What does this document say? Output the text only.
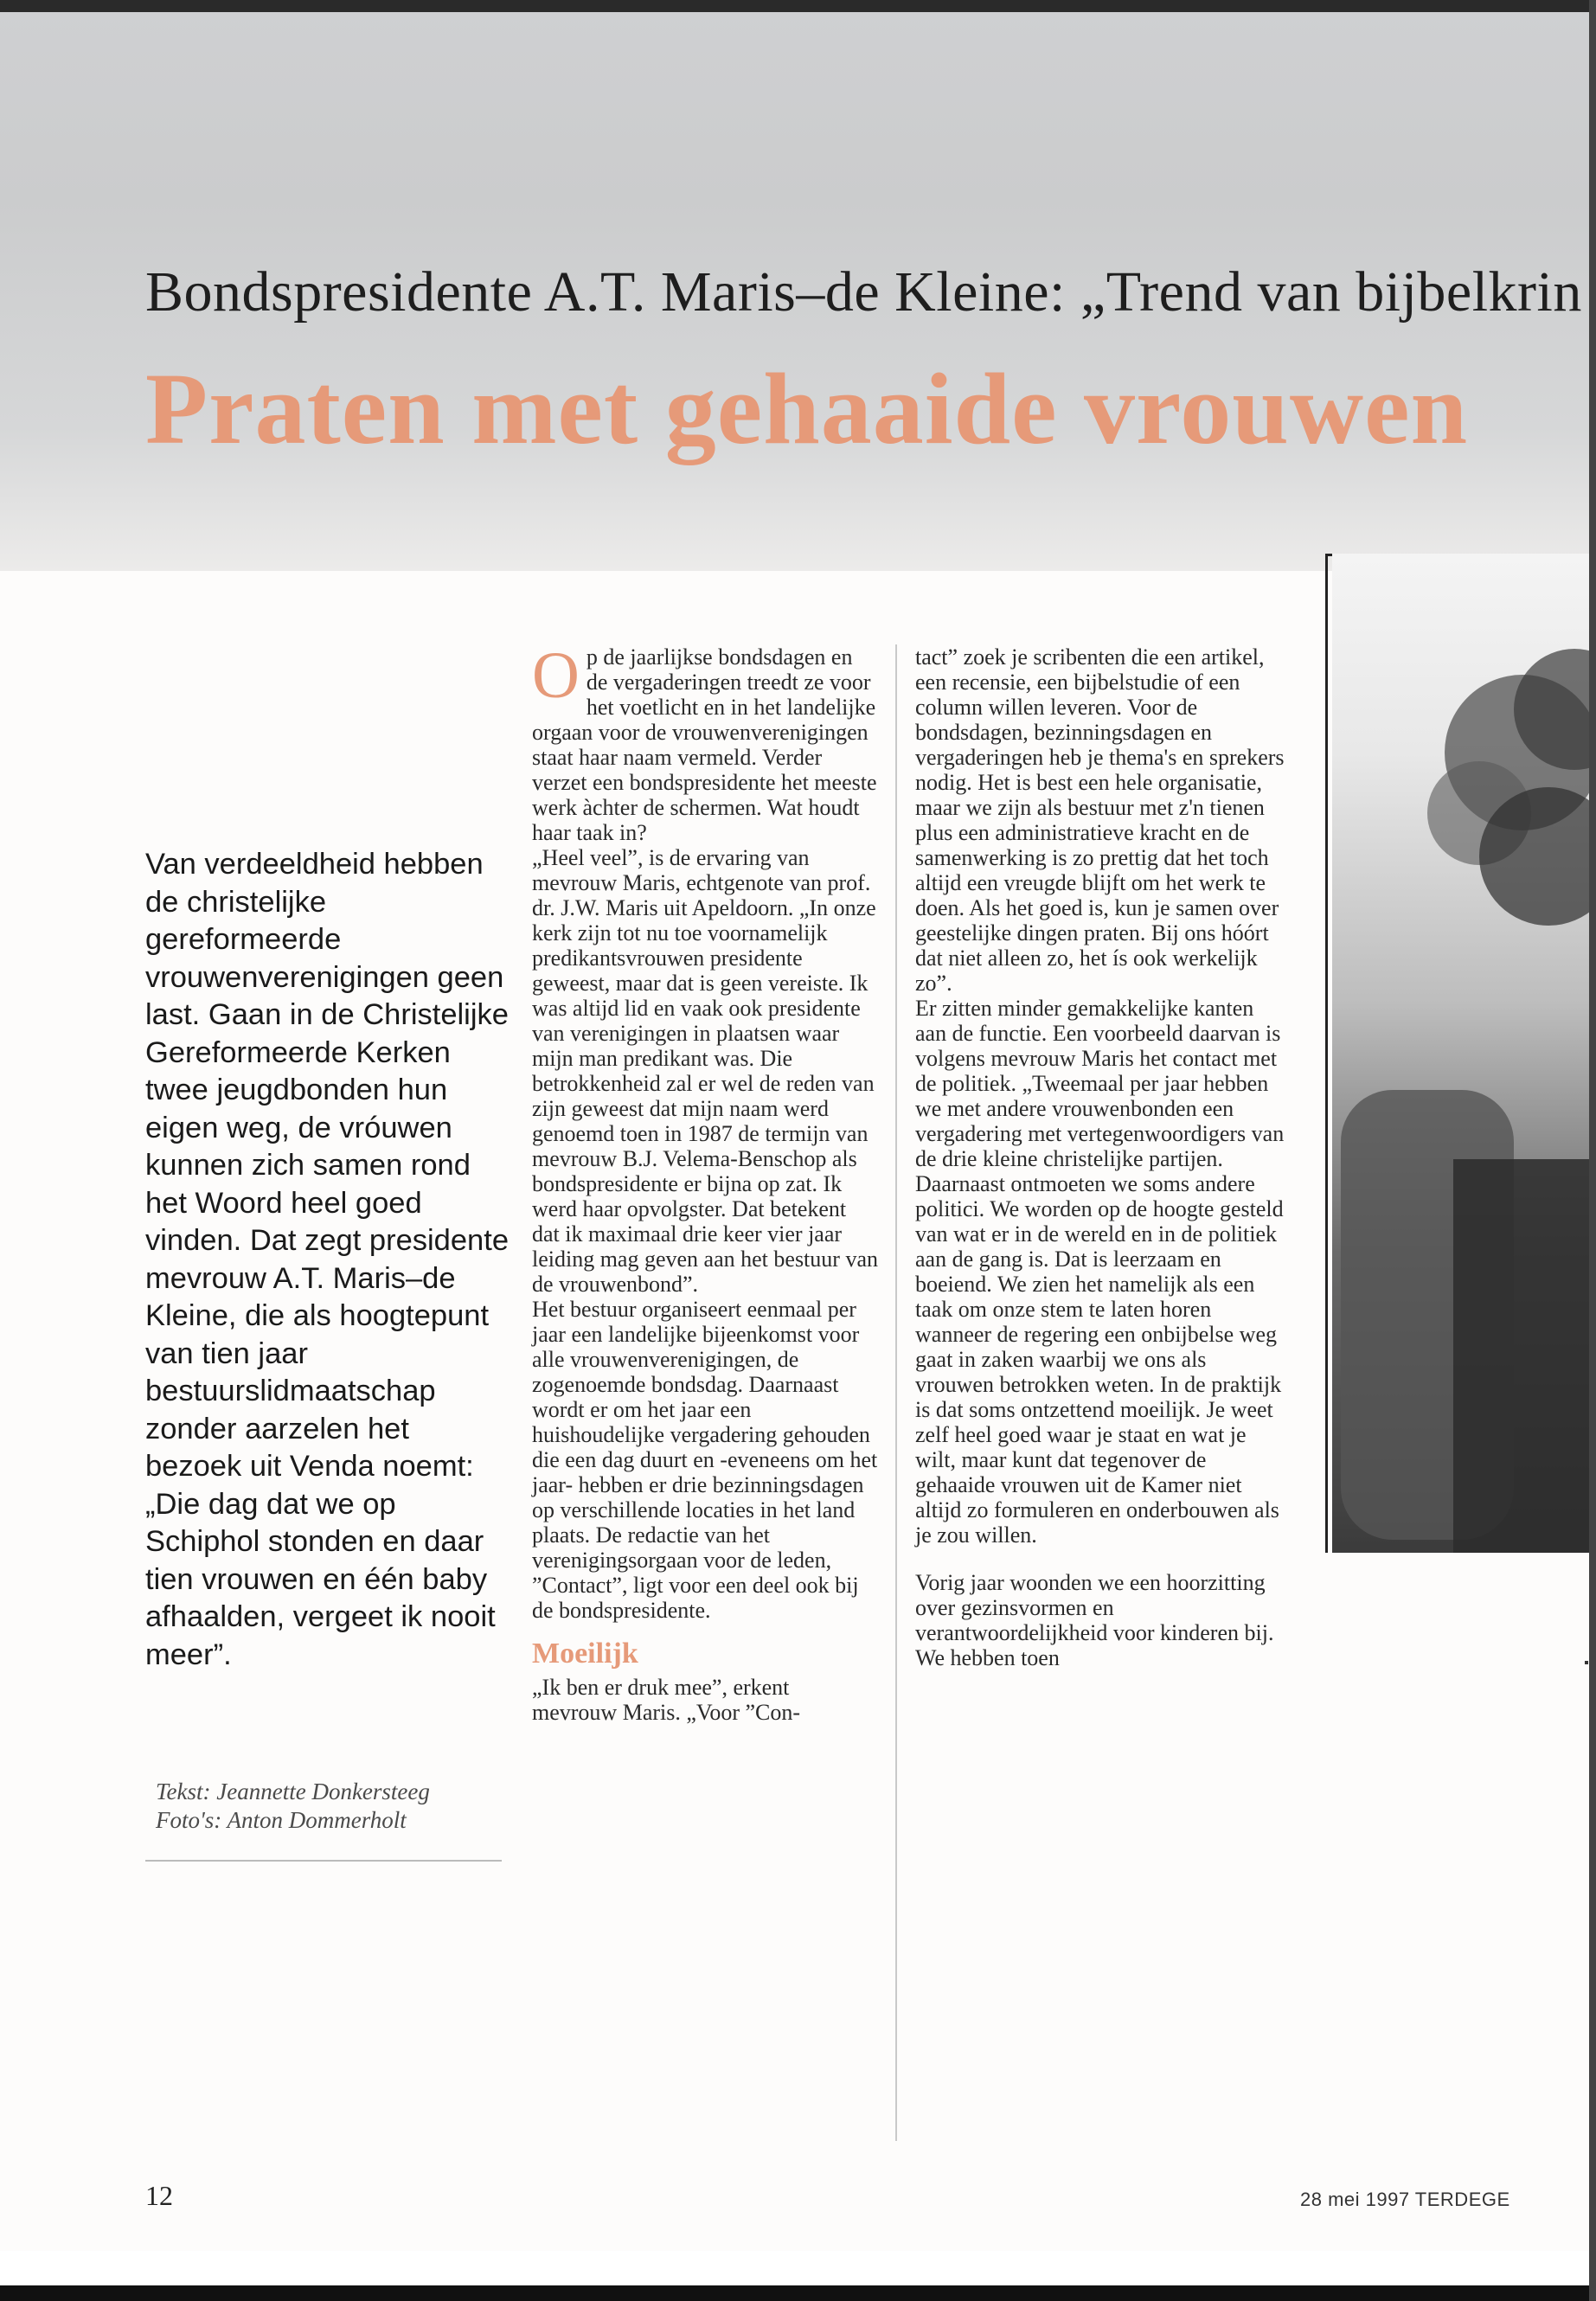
Bondspresidente A.T. Maris–de Kleine: „Trend van bijbelkrin
Praten met gehaaide vrouwen
Van verdeeldheid hebben de christelijke gereformeerde vrouwenverenigingen geen last. Gaan in de Christelijke Gereformeerde Kerken twee jeugdbonden hun eigen weg, de vróuwen kunnen zich samen rond het Woord heel goed vinden. Dat zegt presidente mevrouw A.T. Maris–de Kleine, die als hoogtepunt van tien jaar bestuurslidmaatschap zonder aarzelen het bezoek uit Venda noemt: „Die dag dat we op Schiphol stonden en daar tien vrouwen en één baby afhaalden, vergeet ik nooit meer”.
Tekst: Jeannette Donkersteeg
Foto's: Anton Dommerholt
O p de jaarlijkse bondsdagen en de vergaderingen treedt ze voor het voetlicht en in het landelijke orgaan voor de vrouwenverenigingen staat haar naam vermeld. Verder verzet een bondspresidente het meeste werk àchter de schermen. Wat houdt haar taak in?

„Heel veel”, is de ervaring van mevrouw Maris, echtgenote van prof. dr. J.W. Maris uit Apeldoorn. „In onze kerk zijn tot nu toe voornamelijk predikantsvrouwen presidente geweest, maar dat is geen vereiste. Ik was altijd lid en vaak ook presidente van verenigingen in plaatsen waar mijn man predikant was. Die betrokkenheid zal er wel de reden van zijn geweest dat mijn naam werd genoemd toen in 1987 de termijn van mevrouw B.J. Velema-Benschop als bondspresidente er bijna op zat. Ik werd haar opvolgster. Dat betekent dat ik maximaal drie keer vier jaar leiding mag geven aan het bestuur van de vrouwenbond”.

Het bestuur organiseert eenmaal per jaar een landelijke bijeenkomst voor alle vrouwenverenigingen, de zogenoemde bondsdag. Daarnaast wordt er om het jaar een huishoudelijke vergadering gehouden die een dag duurt en -eveneens om het jaar- hebben er drie bezinningsdagen op verschillende locaties in het land plaats. De redactie van het verenigingsorgaan voor de leden, ”Contact”, ligt voor een deel ook bij de bondspresidente.

Moeilijk

„Ik ben er druk mee”, erkent mevrouw Maris. „Voor ”Con-

tact” zoek je scribenten die een artikel, een recensie, een bijbelstudie of een column willen leveren. Voor de bondsdagen, bezinningsdagen en vergaderingen heb je thema's en sprekers nodig. Het is best een hele organisatie, maar we zijn als bestuur met z'n tienen plus een administratieve kracht en de samenwerking is zo prettig dat het toch altijd een vreugde blijft om het werk te doen. Als het goed is, kun je samen over geestelijke dingen praten. Bij ons hóórt dat niet alleen zo, het ís ook werkelijk zo”.

Er zitten minder gemakkelijke kanten aan de functie. Een voorbeeld daarvan is volgens mevrouw Maris het contact met de politiek. „Tweemaal per jaar hebben we met andere vrouwenbonden een vergadering met vertegenwoordigers van de drie kleine christelijke partijen. Daarnaast ontmoeten we soms andere politici. We worden op de hoogte gesteld van wat er in de wereld en in de politiek aan de gang is. Dat is leerzaam en boeiend. We zien het namelijk als een taak om onze stem te laten horen wanneer de regering een onbijbelse weg gaat in zaken waarbij we ons als vrouwen betrokken weten. In de praktijk is dat soms ontzettend moeilijk. Je weet zelf heel goed waar je staat en wat je wilt, maar kunt dat tegenover de gehaaide vrouwen uit de Kamer niet altijd zo formuleren en onderbouwen als je zou willen.

Vorig jaar woonden we een hoorzitting over gezinsvormen en verantwoordelijkheid voor kinderen bij. We hebben toen

12	28 mei 1997 TERDEGE
